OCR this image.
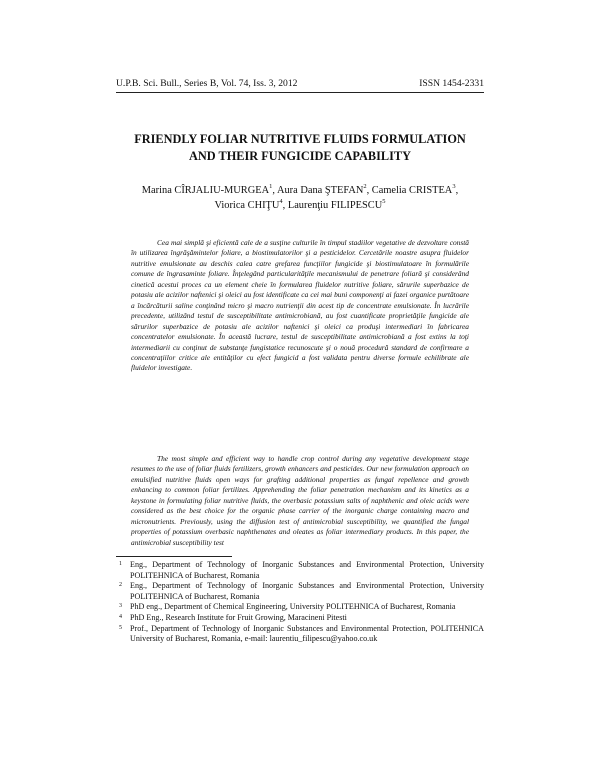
U.P.B. Sci. Bull., Series B, Vol. 74, Iss. 3, 2012	ISSN 1454-2331
FRIENDLY FOLIAR NUTRITIVE FLUIDS FORMULATION
AND THEIR FUNGICIDE CAPABILITY
Marina CÎRJALIU-MURGEA$^1$, Aura Dana ŞTEFAN$^2$, Camelia CRISTEA$^3$,
Viorica CHIŢU$^4$, Laurenţiu FILIPESCU$^5$

Cea mai simplă şi eficientă cale de a susţine culturile în timpul stadiilor vegetative de dezvoltare constă în utilizarea îngrăşămintelor foliare, a biostimulatorilor şi a pesticidelor. Cercetările noastre asupra fluidelor nutritive emulsionate au deschis calea catre grefarea funcţiilor fungicide şi biostimulatoare în formulările comune de îngrasaminte foliare. Înţelegând particularităţile mecanismului de penetrare foliară şi considerând cinetică acestui proces ca un element cheie în formularea fluidelor nutritive foliare, sărurile superbazice de potasiu ale acizilor naftenici şi oleici au fost identificate ca cei mai buni componenţi ai fazei organice purtătoare a încărcăturii saline conţinând micro şi macro nutrienţii din acest tip de concentrate emulsionate. În lucrările precedente, utilizând testul de susceptibilitate antimicrobiană, au fost cuantificate proprietăţile fungicide ale sărurilor superbazice de potasiu ale acizilor naftenici şi oleici ca produşi intermediari în fabricarea concentratelor emulsionate. În această lucrare, testul de susceptibilitate antimicrobiană a fost extins la toţi intermediarii cu conţinut de substanţe fungistatice recunoscute şi o nouă procedură standard de confirmare a concentraţiilor critice ale entităţilor cu efect fungicid a fost validata pentru diverse formule echilibrate ale fluidelor investigate.

The most simple and efficient way to handle crop control during any vegetative development stage resumes to the use of foliar fluids fertilizers, growth enhancers and pesticides. Our new formulation approach on emulsified nutritive fluids open ways for grafting additional properties as fungal repellence and growth enhancing to common foliar fertilizes. Apprehending the foliar penetration mechanism and its kinetics as a keystone in formulating foliar nutritive fluids, the overbasic potassium salts of naphthenic and oleic acids were considered as the best choice for the organic phase carrier of the inorganic charge containing macro and micronutrients. Previously, using the diffusion test of antimicrobial susceptibility, we quantified the fungal properties of potassium overbasic naphthenates and oleates as foliar intermediary products. In this paper, the antimicrobial susceptibility test

1 Eng., Department of Technology of Inorganic Substances and Environmental Protection, University POLITEHNICA of Bucharest, Romania
2 Eng., Department of Technology of Inorganic Substances and Environmental Protection, University POLITEHNICA of Bucharest, Romania
3 PhD eng., Department of Chemical Engineering, University POLITEHNICA of Bucharest, Romania
4 PhD Eng., Research Institute for Fruit Growing, Maracineni Pitesti
5 Prof., Department of Technology of Inorganic Substances and Environmental Protection, POLITEHNICA University of Bucharest, Romania, e-mail: laurentiu_filipescu@yahoo.co.uk
